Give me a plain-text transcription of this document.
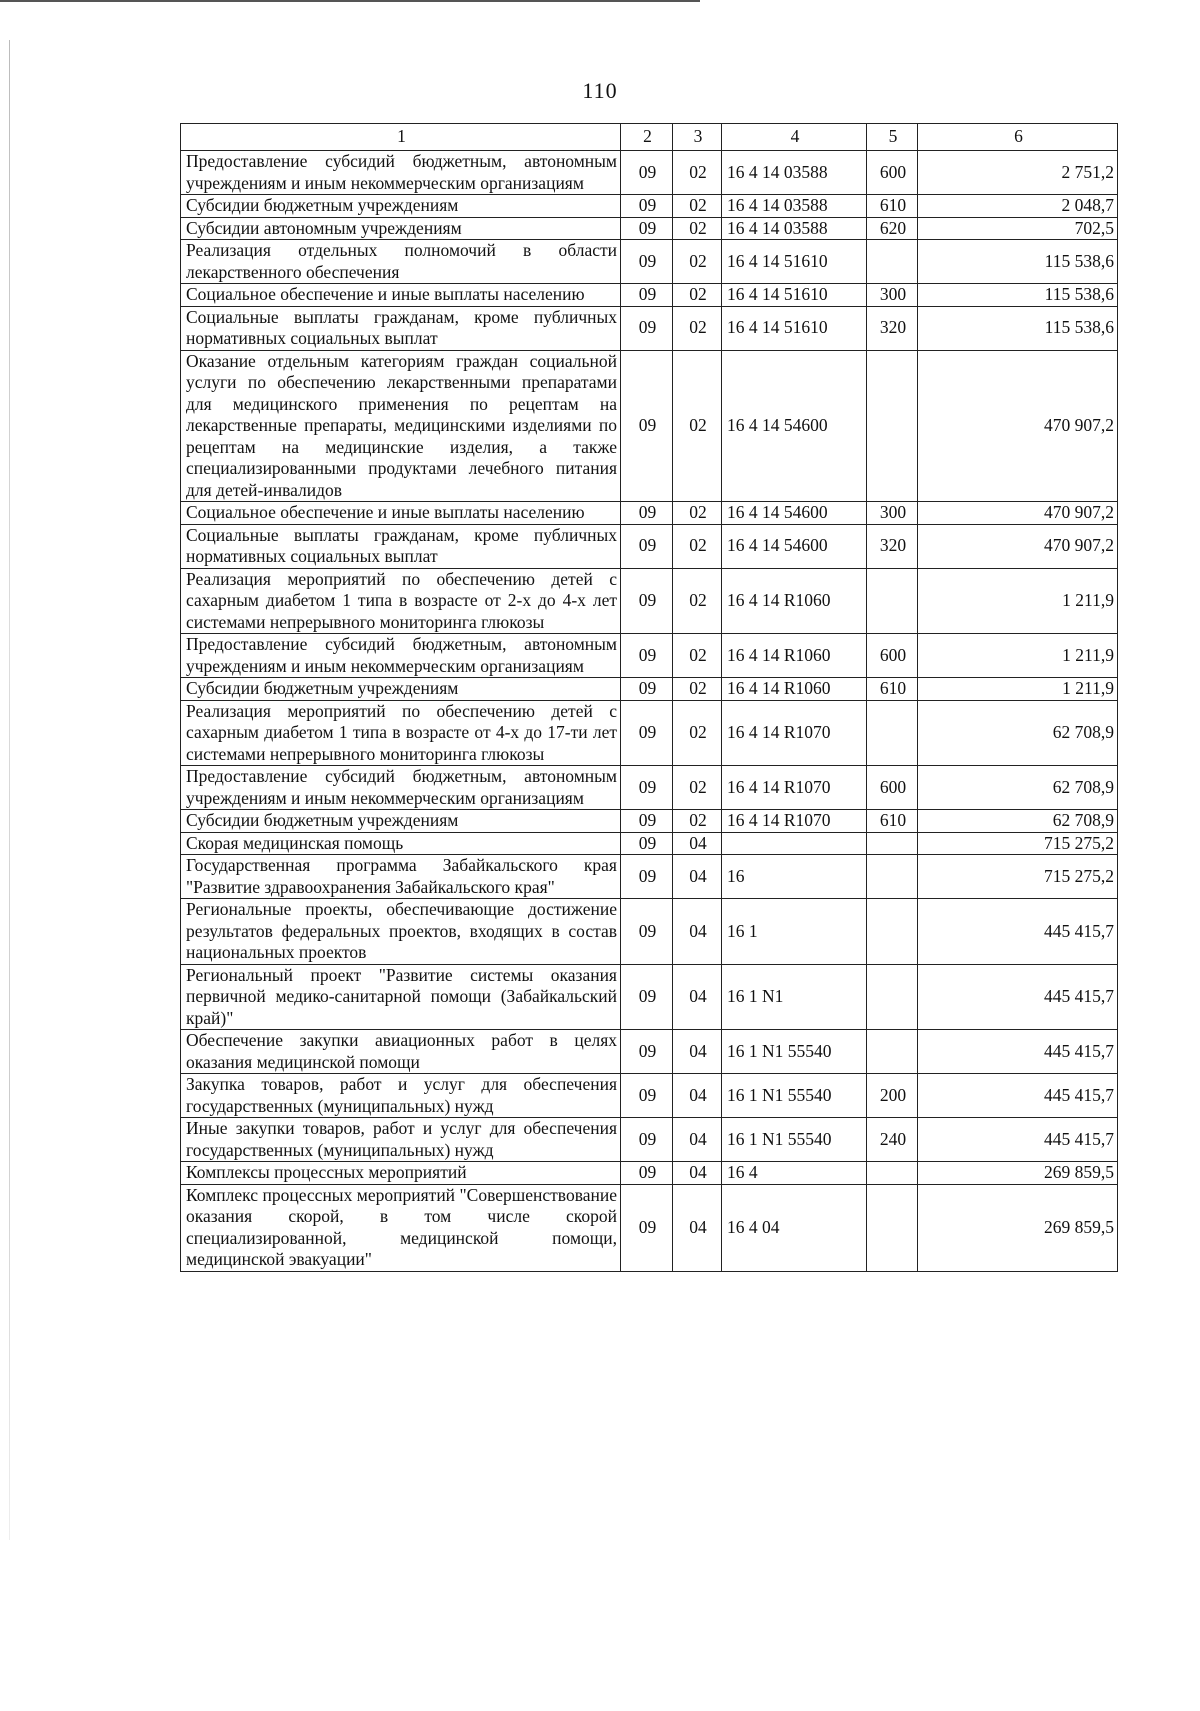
110
1	2	3	4	5	6
Предоставление субсидий бюджетным, автономным учреждениям и иным некоммерческим организациям	09	02	16 4 14 03588	600	2 751,2
Субсидии бюджетным учреждениям	09	02	16 4 14 03588	610	2 048,7
Субсидии автономным учреждениям	09	02	16 4 14 03588	620	702,5
Реализация отдельных полномочий в области лекарственного обеспечения	09	02	16 4 14 51610		115 538,6
Социальное обеспечение и иные выплаты населению	09	02	16 4 14 51610	300	115 538,6
Социальные выплаты гражданам, кроме публичных нормативных социальных выплат	09	02	16 4 14 51610	320	115 538,6
Оказание отдельным категориям граждан социальной услуги по обеспечению лекарственными препаратами для медицинского применения по рецептам на лекарственные препараты, медицинскими изделиями по рецептам на медицинские изделия, а также специализированными продуктами лечебного питания для детей-инвалидов	09	02	16 4 14 54600		470 907,2
Социальное обеспечение и иные выплаты населению	09	02	16 4 14 54600	300	470 907,2
Социальные выплаты гражданам, кроме публичных нормативных социальных выплат	09	02	16 4 14 54600	320	470 907,2
Реализация мероприятий по обеспечению детей с сахарным диабетом 1 типа в возрасте от 2-х до 4-х лет системами непрерывного мониторинга глюкозы	09	02	16 4 14 R1060		1 211,9
Предоставление субсидий бюджетным, автономным учреждениям и иным некоммерческим организациям	09	02	16 4 14 R1060	600	1 211,9
Субсидии бюджетным учреждениям	09	02	16 4 14 R1060	610	1 211,9
Реализация мероприятий по обеспечению детей с сахарным диабетом 1 типа в возрасте от 4-х до 17-ти лет системами непрерывного мониторинга глюкозы	09	02	16 4 14 R1070		62 708,9
Предоставление субсидий бюджетным, автономным учреждениям и иным некоммерческим организациям	09	02	16 4 14 R1070	600	62 708,9
Субсидии бюджетным учреждениям	09	02	16 4 14 R1070	610	62 708,9
Скорая медицинская помощь	09	04			715 275,2
Государственная программа Забайкальского края "Развитие здравоохранения Забайкальского края"	09	04	16		715 275,2
Региональные проекты, обеспечивающие достижение результатов федеральных проектов, входящих в состав национальных проектов	09	04	16 1		445 415,7
Региональный проект "Развитие системы оказания первичной медико-санитарной помощи (Забайкальский край)"	09	04	16 1 N1		445 415,7
Обеспечение закупки авиационных работ в целях оказания медицинской помощи	09	04	16 1 N1 55540		445 415,7
Закупка товаров, работ и услуг для обеспечения государственных (муниципальных) нужд	09	04	16 1 N1 55540	200	445 415,7
Иные закупки товаров, работ и услуг для обеспечения государственных (муниципальных) нужд	09	04	16 1 N1 55540	240	445 415,7
Комплексы процессных мероприятий	09	04	16 4		269 859,5
Комплекс процессных мероприятий "Совершенствование оказания скорой, в том числе скорой специализированной, медицинской помощи, медицинской эвакуации"	09	04	16 4 04		269 859,5
